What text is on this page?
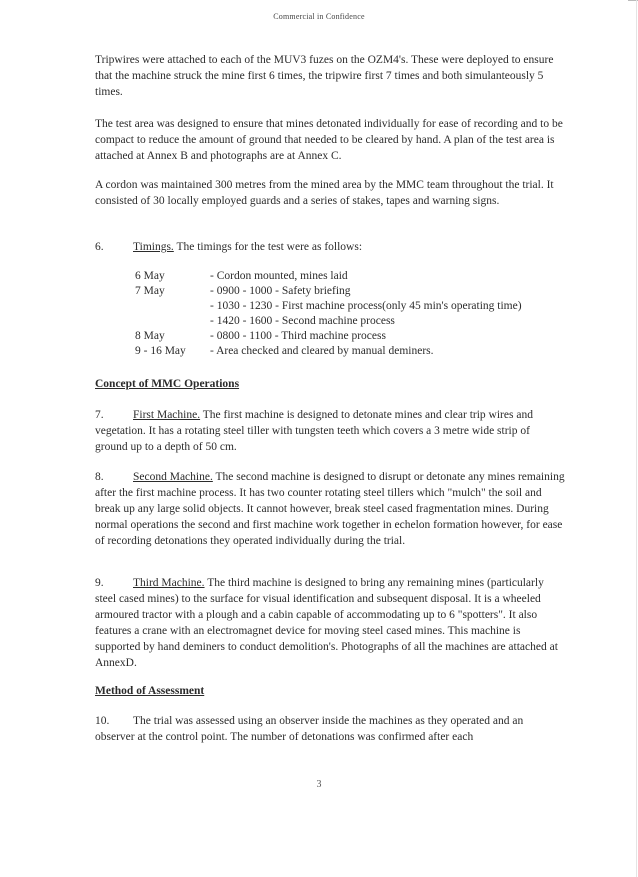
Commercial in Confidence

Tripwires were attached to each of the MUV3 fuzes on the OZM4's. These were deployed to ensure that the machine struck the mine first 6 times, the tripwire first 7 times and both simulanteously 5 times.

The test area was designed to ensure that mines detonated individually for ease of recording and to be compact to reduce the amount of ground that needed to be cleared by hand. A plan of the test area is attached at Annex B and photographs are at Annex C.

A cordon was maintained 300 metres from the mined area by the MMC team throughout the trial. It consisted of 30 locally employed guards and a series of stakes, tapes and warning signs.

6.	Timings. The timings for the test were as follows:

6 May	- Cordon mounted, mines laid
7 May	- 0900 - 1000 - Safety briefing
	- 1030 - 1230 - First machine process(only 45 min's operating time)
	- 1420 - 1600 - Second machine process
8 May	- 0800 - 1100 - Third machine process
9 - 16 May	- Area checked and cleared by manual deminers.
Concept of MMC Operations

7.	First Machine. The first machine is designed to detonate mines and clear trip wires and vegetation. It has a rotating steel tiller with tungsten teeth which covers a 3 metre wide strip of ground up to a depth of 50 cm.

8.	Second Machine. The second machine is designed to disrupt or detonate any mines remaining after the first machine process. It has two counter rotating steel tillers which "mulch" the soil and break up any large solid objects. It cannot however, break steel cased fragmentation mines. During normal operations the second and first machine work together in echelon formation however, for ease of recording detonations they operated individually during the trial.

9.	Third Machine. The third machine is designed to bring any remaining mines (particularly steel cased mines) to the surface for visual identification and subsequent disposal. It is a wheeled armoured tractor with a plough and a cabin capable of accommodating up to 6 "spotters". It also features a crane with an electromagnet device for moving steel cased mines. This machine is supported by hand deminers to conduct demolition's. Photographs of all the machines are attached at AnnexD.

Method of Assessment

10. The trial was assessed using an observer inside the machines as they operated and an observer at the control point. The number of detonations was confirmed after each

3
